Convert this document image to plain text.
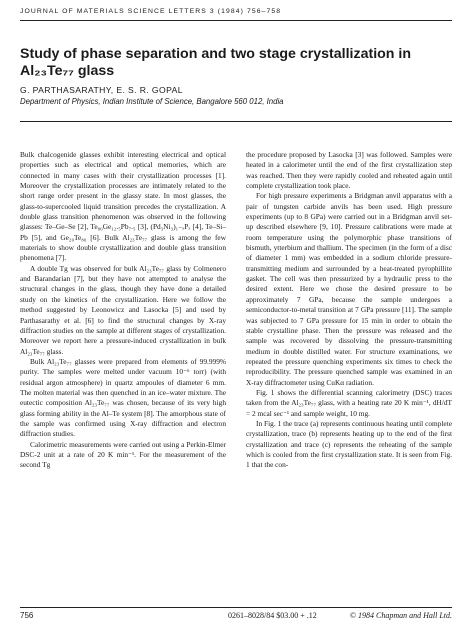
JOURNAL OF MATERIALS SCIENCE LETTERS 3 (1984) 756–758
Study of phase separation and two stage crystallization in
Al₂₃Te₇₇ glass
G. PARTHASARATHY, E. S. R. GOPAL
Department of Physics, Indian Institute of Science, Bangalore 560 012, India

Bulk chalcogenide glasses exhibit interesting electrical and optical properties such as electrical and optical memories, which are connected in many cases with their crystallization processes [1]. Moreover the crystallization processes are intimately related to the short range order present in the glassy state. In most glasses, the glass-to-supercooled liquid transition precedes the crystallization. A double glass transition phenomenon was observed in the following glasses: Te–Ge–Se [2], Te₈₀Ge₁₂.₅Pb₇.₅ [3], (Pd₃Ni₃)₁₋ₓPₓ [4], Te–Si–Pb [5], and Ge₂₀Te₈₀ [6]. Bulk Al₂₃Te₇₇ glass is among the few materials to show double crystallization and double glass transition phenomena [7].

A double Tg was observed for bulk Al₂₃Te₇₇ glass by Colmenero and Barandarian [7], but they have not attempted to analyse the structural changes in the glass, though they have done a detailed study on the kinetics of the crystallization. Here we follow the method suggested by Leonowicz and Lasocka [5] and used by Parthasarathy et al. [6] to find the structural changes by X-ray diffraction studies on the sample at different stages of crystallization. Moreover we report here a pressure-induced crystallization in bulk Al₂₃Te₇₇ glass.

Bulk Al₂₃Te₇₇ glasses were prepared from elements of 99.999% purity. The samples were melted under vacuum 10⁻⁶ torr) (with residual argon atmosphere) in quartz ampoules of diameter 6 mm. The molten material was then quenched in an ice–water mixture. The eutectic composition Al₂₃Te₇₇ was chosen, because of its very high glass forming ability in the Al–Te system [8]. The amorphous state of the sample was confirmed using X-ray diffraction and electron diffraction studies.

Calorimetric measurements were carried out using a Perkin-Elmer DSC-2 unit at a rate of 20 K min⁻¹. For the measurement of the second Tg

the procedure proposed by Lasocka [3] was followed. Samples were heated in a calorimeter until the end of the first crystallization step was reached. Then they were rapidly cooled and reheated again until complete crystallization took place.

For high pressure experiments a Bridgman anvil apparatus with a pair of tungsten carbide anvils has been used. High pressure experiments (up to 8 GPa) were carried out in a Bridgman anvil set-up described elsewhere [9, 10]. Pressure calibrations were made at room temperature using the polymorphic phase transitions of bismuth, ytterbium and thallium. The specimen (in the form of a disc of diameter 1 mm) was embedded in a sodium chloride pressure-transmitting medium and surrounded by a heat-treated pyrophillite gasket. The cell was then pressurized by a hydraulic press to the desired extent. Here we chose the desired pressure to be approximately 7 GPa, because the sample undergoes a semiconductor-to-metal transition at 7 GPa pressure [11]. The sample was subjected to 7 GPa pressure for 15 min in order to obtain the stable crystalline phase. Then the pressure was released and the sample was recovered by dissolving the pressure-transmitting medium in double distilled water. For structure examinations, we repeated the pressure quenching experiments six times to check the reproducibility. The pressure quenched sample was examined in an X-ray diffractometer using CuKα radiation.

Fig. 1 shows the differential scanning calorimetry (DSC) traces taken from the Al₂₃Te₇₇ glass, with a heating rate 20 K min⁻¹, dH/dT = 2 mcal sec⁻¹ and sample weight, 10 mg.

In Fig. 1 the trace (a) represents continuous heating until complete crystallization, trace (b) represents heating up to the end of the first crystallization and trace (c) represents the reheating of the sample which is cooled from the first crystallization state. It is seen from Fig. 1 that the con-

756	0261–8028/84 $03.00 + .12	© 1984 Chapman and Hall Ltd.
